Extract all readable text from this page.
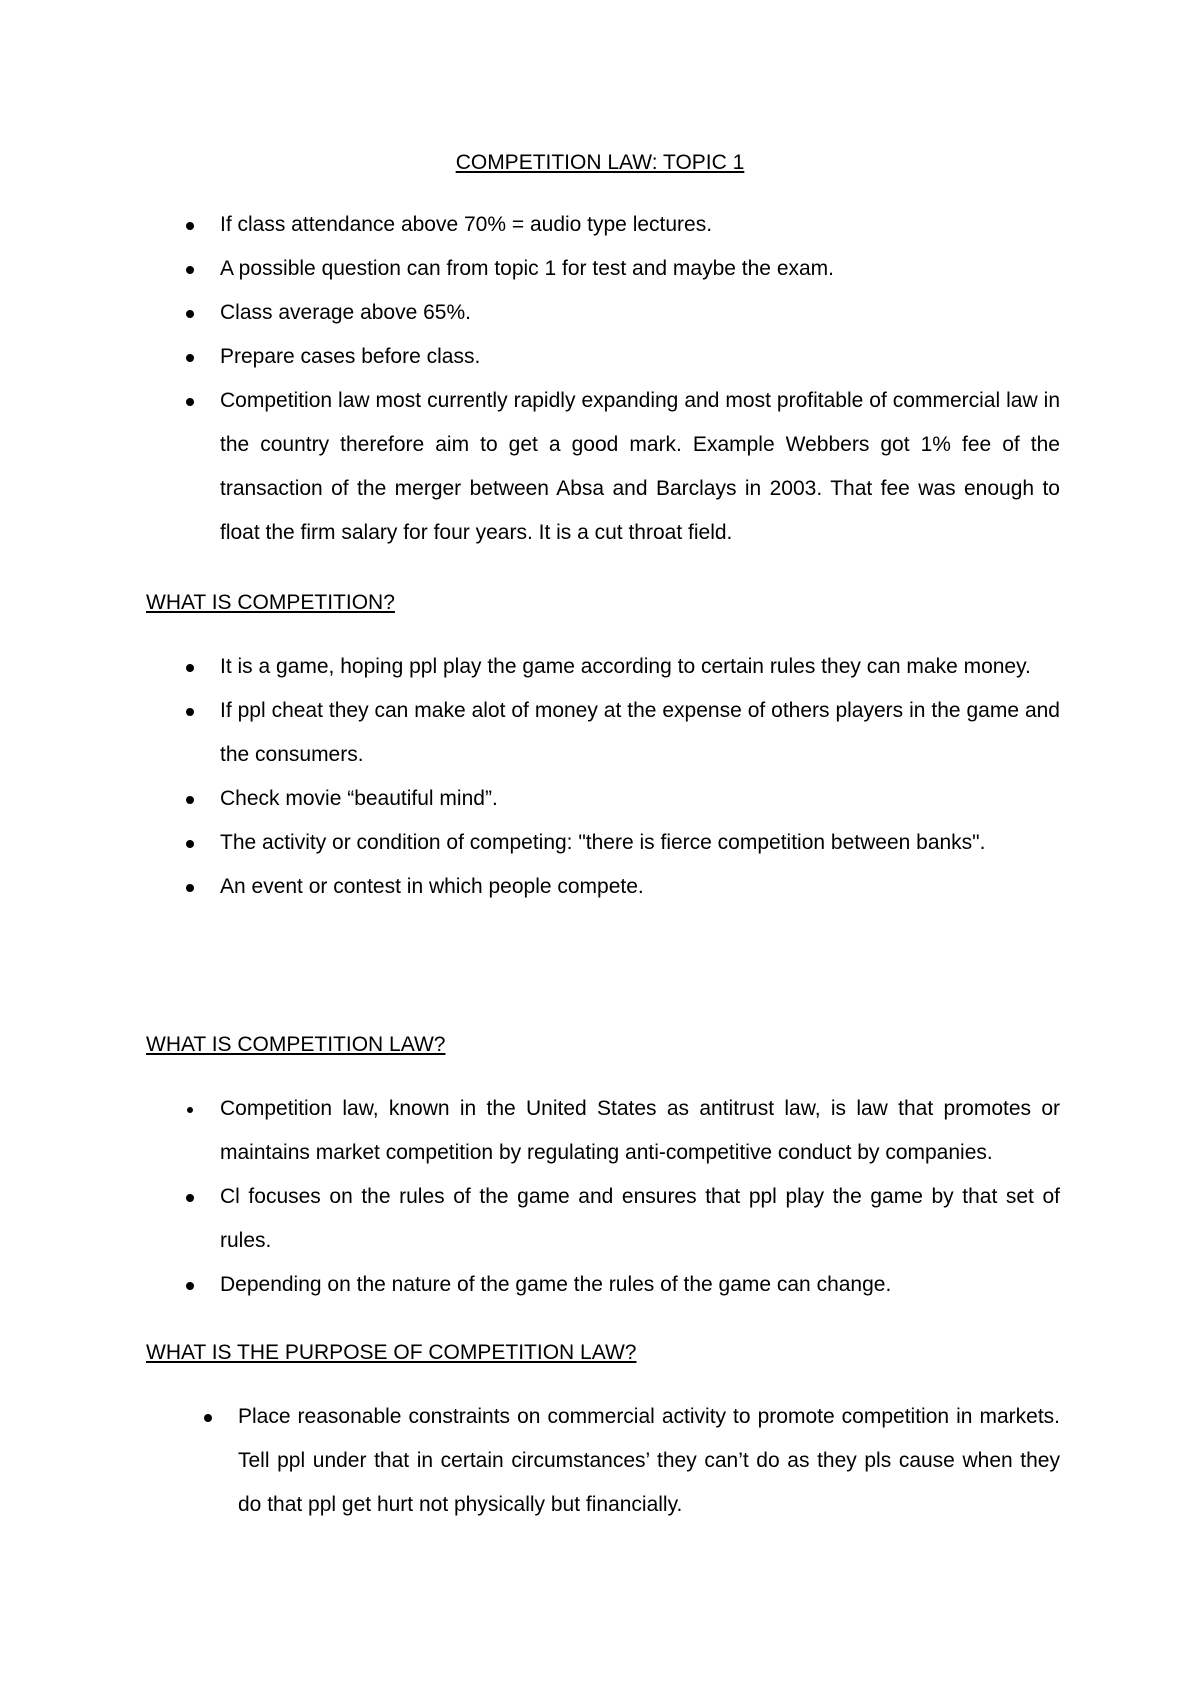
COMPETITION LAW: TOPIC 1
If class attendance above 70% = audio type lectures.
A possible question can from topic 1 for test and maybe the exam.
Class average above 65%.
Prepare cases before class.
Competition law most currently rapidly expanding and most profitable of commercial law in the country therefore aim to get a good mark. Example Webbers got 1% fee of the transaction of the merger between Absa and Barclays in 2003. That fee was enough to float the firm salary for four years. It is a cut throat field.
WHAT IS COMPETITION?
It is a game, hoping ppl play the game according to certain rules they can make money.
If ppl cheat they can make alot of money at the expense of others players in the game and the consumers.
Check movie “beautiful mind”.
The activity or condition of competing: "there is fierce competition between banks".
An event or contest in which people compete.
WHAT IS COMPETITION LAW?
Competition law, known in the United States as antitrust law, is law that promotes or maintains market competition by regulating anti-competitive conduct by companies.
Cl focuses on the rules of the game and ensures that ppl play the game by that set of rules.
Depending on the nature of the game the rules of the game can change.
WHAT IS THE PURPOSE OF COMPETITION LAW?
Place reasonable constraints on commercial activity to promote competition in markets. Tell ppl under that in certain circumstances’ they can’t do as they pls cause when they do that ppl get hurt not physically but financially.
